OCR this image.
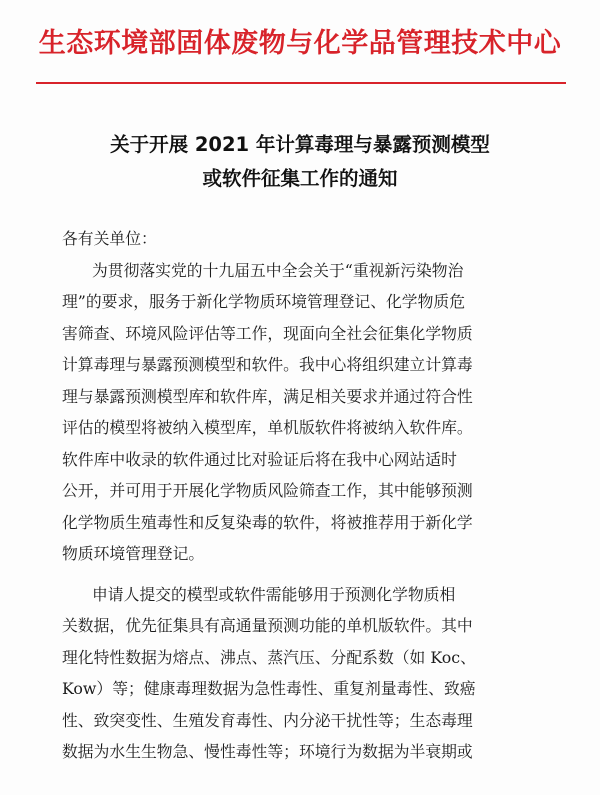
生态环境部固体废物与化学品管理技术中心
关于开展 2021 年计算毒理与暴露预测模型
或软件征集工作的通知
各有关单位：
为贯彻落实党的十九届五中全会关于“重视新污染物治
理”的要求，服务于新化学物质环境管理登记、化学物质危
害筛查、环境风险评估等工作，现面向全社会征集化学物质
计算毒理与暴露预测模型和软件。我中心将组织建立计算毒
理与暴露预测模型库和软件库，满足相关要求并通过符合性
评估的模型将被纳入模型库，单机版软件将被纳入软件库。
软件库中收录的软件通过比对验证后将在我中心网站适时
公开，并可用于开展化学物质风险筛查工作，其中能够预测
化学物质生殖毒性和反复染毒的软件，将被推荐用于新化学
物质环境管理登记。
申请人提交的模型或软件需能够用于预测化学物质相
关数据，优先征集具有高通量预测功能的单机版软件。其中
理化特性数据为熔点、沸点、蒸汽压、分配系数（如 Koc、
Kow）等；健康毒理数据为急性毒性、重复剂量毒性、致癌
性、致突变性、生殖发育毒性、内分泌干扰性等；生态毒理
数据为水生生物急、慢性毒性等；环境行为数据为半衰期或
